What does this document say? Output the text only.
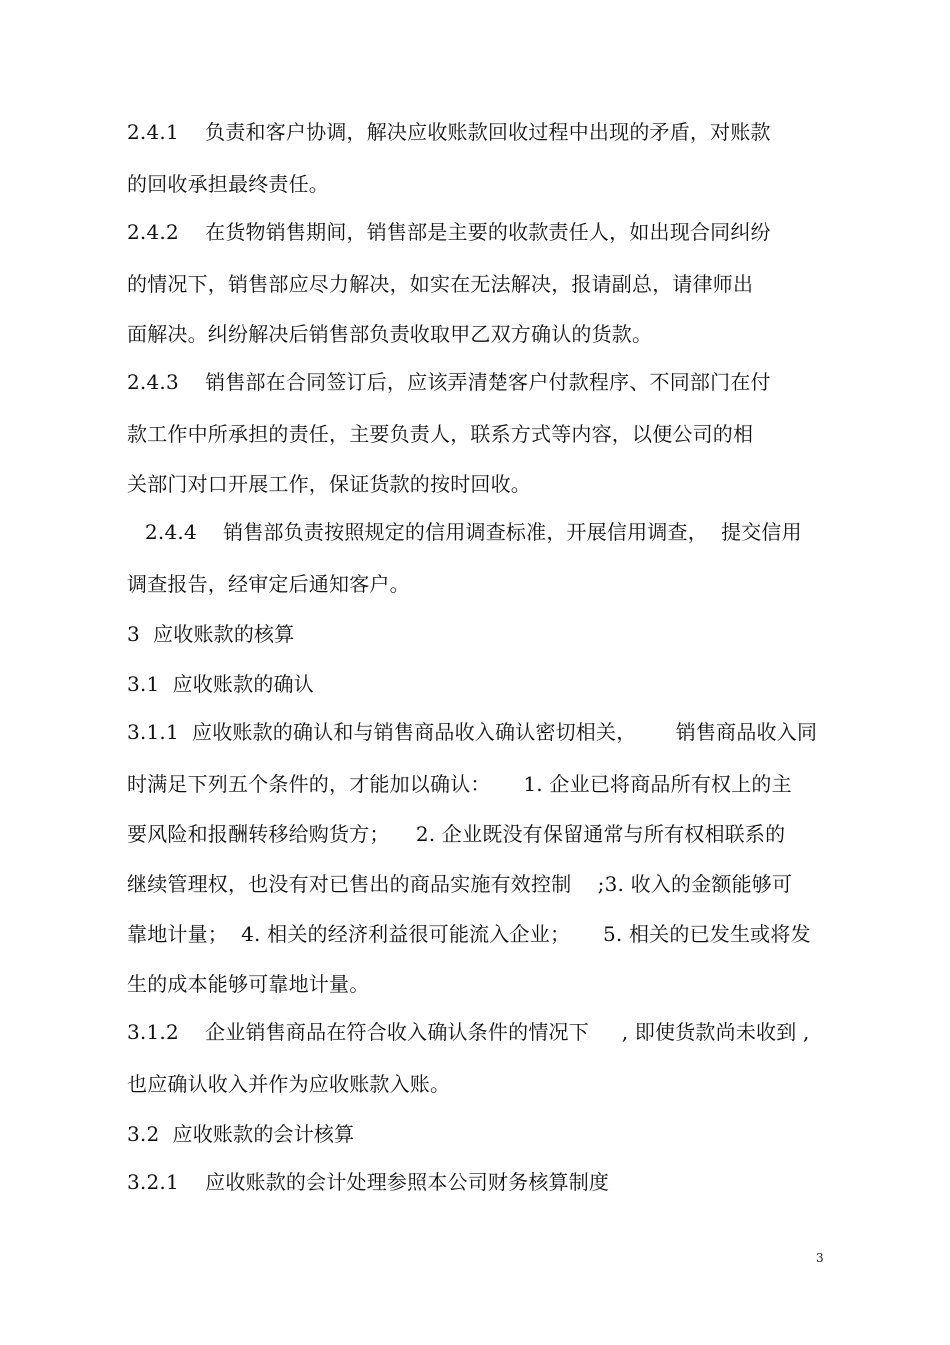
2.4.1    负责和客户协调，解决应收账款回收过程中出现的矛盾，对账款
的回收承担最终责任。
2.4.2    在货物销售期间，销售部是主要的收款责任人，如出现合同纠纷
的情况下，销售部应尽力解决，如实在无法解决，报请副总，请律师出
面解决。纠纷解决后销售部负责收取甲乙双方确认的货款。
2.4.3    销售部在合同签订后，应该弄清楚客户付款程序、不同部门在付
款工作中所承担的责任，主要负责人，联系方式等内容，以便公司的相
关部门对口开展工作，保证货款的按时回收。
2.4.4    销售部负责按照规定的信用调查标准，开展信用调查，  提交信用
调查报告，经审定后通知客户。
3  应收账款的核算
3.1  应收账款的确认
3.1.1  应收账款的确认和与销售商品收入确认密切相关，      销售商品收入同
时满足下列五个条件的，才能加以确认：     1. 企业已将商品所有权上的主
要风险和报酬转移给购货方；    2. 企业既没有保留通常与所有权相联系的
继续管理权，也没有对已售出的商品实施有效控制    ;3. 收入的金额能够可
靠地计量；  4. 相关的经济利益很可能流入企业；     5. 相关的已发生或将发
生的成本能够可靠地计量。
3.1.2    企业销售商品在符合收入确认条件的情况下     , 即使货款尚未收到 ,
也应确认收入并作为应收账款入账。
3.2  应收账款的会计核算
3.2.1    应收账款的会计处理参照本公司财务核算制度
3
